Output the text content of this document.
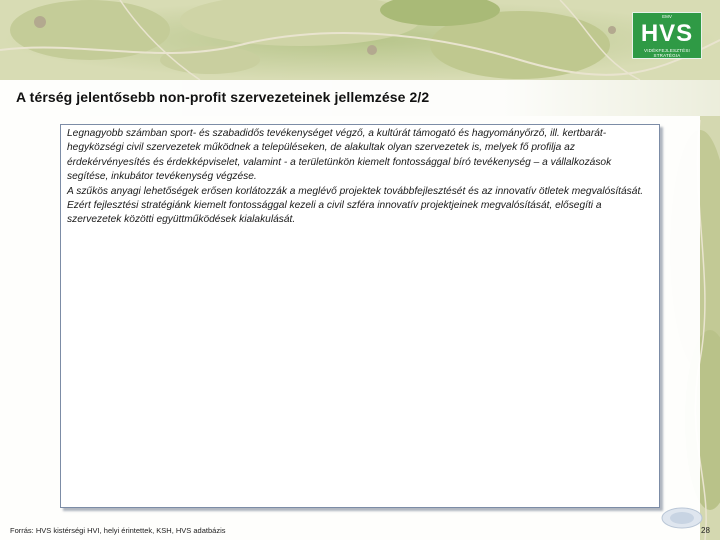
A térség jelentősebb non-profit szervezeteinek jellemzése 2/2

Legnagyobb számban sport- és szabadidős tevékenységet végző, a kultúrát támogató és hagyományőrző, ill. kertbarát- hegyközségi civil szervezetek működnek a településeken, de alakultak olyan szervezetek is, melyek fő profilja az érdekérvényesítés és érdekképviselet, valamint - a területünkön kiemelt fontossággal bíró tevékenység – a vállalkozások segítése, inkubátor tevékenység végzése.

A szűkös anyagi lehetőségek erősen korlátozzák a meglévő projektek továbbfejlesztését és az innovatív ötletek megvalósítását. Ezért fejlesztési stratégiánk kiemelt fontossággal kezeli a civil szféra innovatív projektjeinek megvalósítását, elősegíti a szervezetek közötti együttműködések kialakulását.

EMV
HVS
VIDÉKFEJLESZTÉSI STRATÉGIA
Forrás: HVS kistérségi HVI, helyi érintettek, KSH, HVS adatbázis	28
